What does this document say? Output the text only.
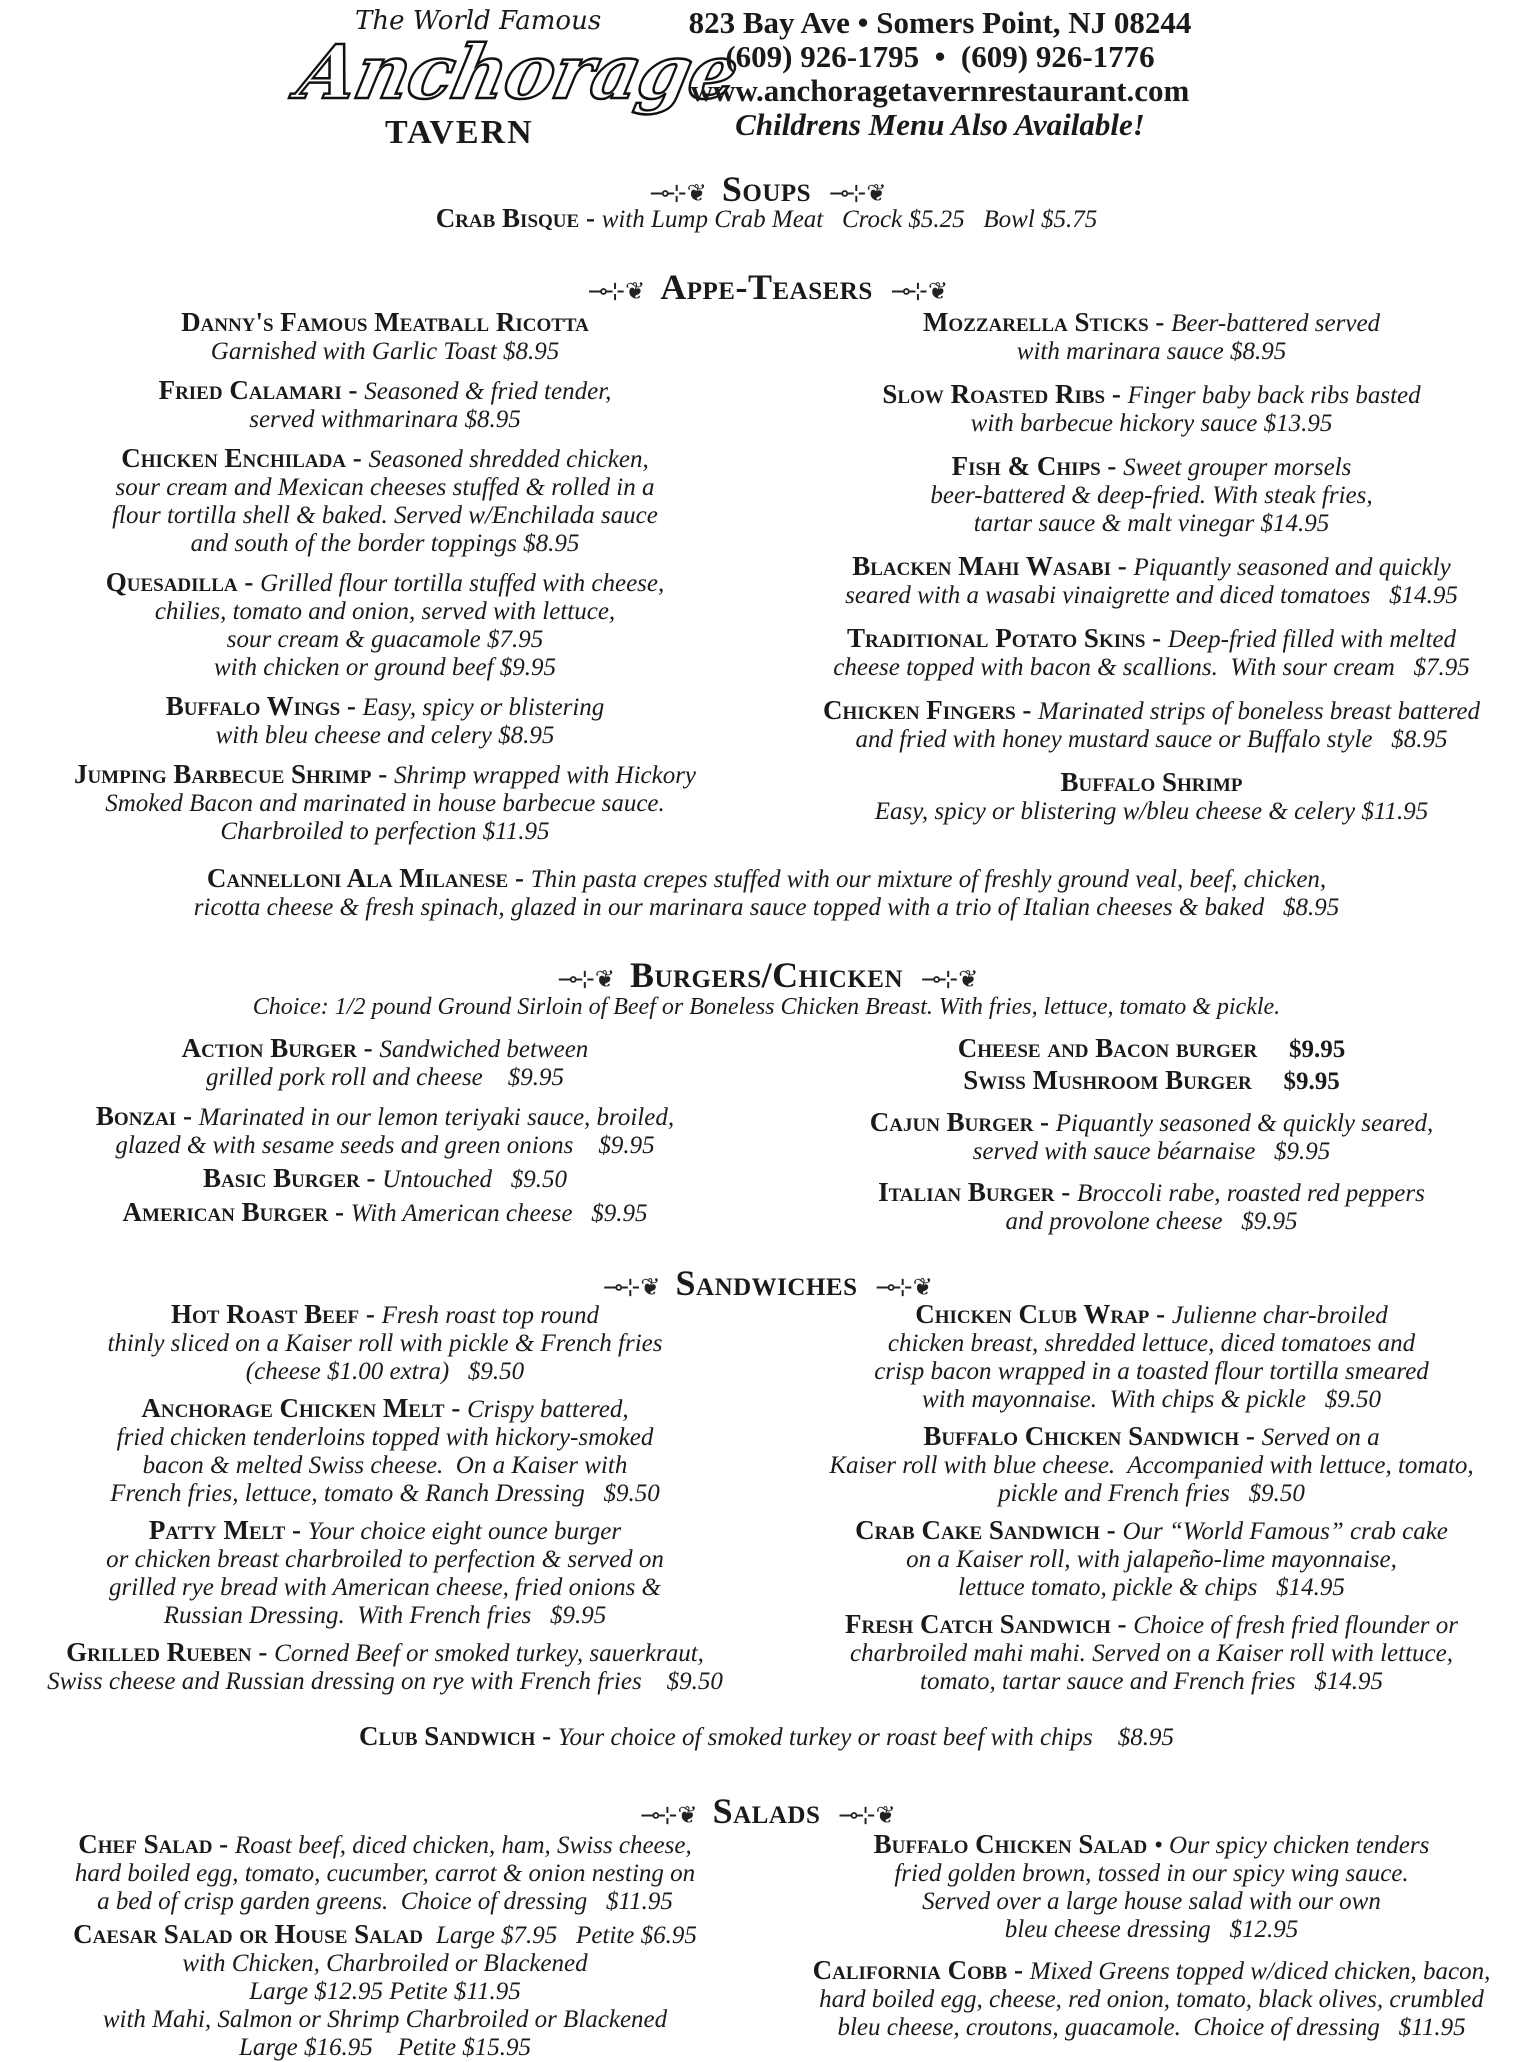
The World Famous
Anchorage
TAVERN
823 Bay Ave • Somers Point, NJ 08244
(609) 926-1795  •  (609) 926-1776
www.anchoragetavernrestaurant.com
Childrens Menu Also Available!
⊸⊹ ❦ Soups ⊸⊹ ❦
Crab Bisque - with Lump Crab Meat   Crock $5.25   Bowl $5.75
⊸⊹ ❦ Appe-Teasers ⊸⊹ ❦
Danny's Famous Meatball Ricotta
Garnished with Garlic Toast $8.95
Fried Calamari - Seasoned & fried tender,
served withmarinara $8.95
Chicken Enchilada - Seasoned shredded chicken,
sour cream and Mexican cheeses stuffed & rolled in a
flour tortilla shell & baked. Served w/Enchilada sauce
and south of the border toppings $8.95
Quesadilla - Grilled flour tortilla stuffed with cheese,
chilies, tomato and onion, served with lettuce,
sour cream & guacamole $7.95
with chicken or ground beef $9.95
Buffalo Wings - Easy, spicy or blistering
with bleu cheese and celery $8.95
Jumping Barbecue Shrimp - Shrimp wrapped with Hickory
Smoked Bacon and marinated in house barbecue sauce.
Charbroiled to perfection $11.95
Mozzarella Sticks - Beer-battered served
with marinara sauce $8.95
Slow Roasted Ribs - Finger baby back ribs basted
with barbecue hickory sauce $13.95
Fish & Chips - Sweet grouper morsels
beer-battered & deep-fried. With steak fries,
tartar sauce & malt vinegar $14.95
Blacken Mahi Wasabi - Piquantly seasoned and quickly
seared with a wasabi vinaigrette and diced tomatoes   $14.95
Traditional Potato Skins - Deep-fried filled with melted
cheese topped with bacon & scallions.  With sour cream   $7.95
Chicken Fingers - Marinated strips of boneless breast battered
and fried with honey mustard sauce or Buffalo style   $8.95
Buffalo Shrimp
Easy, spicy or blistering w/bleu cheese & celery $11.95
Cannelloni Ala Milanese - Thin pasta crepes stuffed with our mixture of freshly ground veal, beef, chicken,
ricotta cheese & fresh spinach, glazed in our marinara sauce topped with a trio of Italian cheeses & baked   $8.95
⊸⊹ ❦ Burgers/Chicken ⊸⊹ ❦
Choice: 1/2 pound Ground Sirloin of Beef or Boneless Chicken Breast. With fries, lettuce, tomato & pickle.
Action Burger - Sandwiched between
grilled pork roll and cheese    $9.95
Bonzai - Marinated in our lemon teriyaki sauce, broiled,
glazed & with sesame seeds and green onions    $9.95
Basic Burger - Untouched   $9.50
American Burger - With American cheese   $9.95
Cheese and Bacon burger     $9.95
Swiss Mushroom Burger     $9.95
Cajun Burger - Piquantly seasoned & quickly seared,
served with sauce béarnaise   $9.95
Italian Burger - Broccoli rabe, roasted red peppers
and provolone cheese   $9.95
⊸⊹ ❦ Sandwiches ⊸⊹ ❦
Hot Roast Beef - Fresh roast top round
thinly sliced on a Kaiser roll with pickle & French fries
(cheese $1.00 extra)   $9.50
Anchorage Chicken Melt - Crispy battered,
fried chicken tenderloins topped with hickory-smoked
bacon & melted Swiss cheese.  On a Kaiser with
French fries, lettuce, tomato & Ranch Dressing   $9.50
Patty Melt - Your choice eight ounce burger
or chicken breast charbroiled to perfection & served on
grilled rye bread with American cheese, fried onions &
Russian Dressing.  With French fries   $9.95
Grilled Rueben - Corned Beef or smoked turkey, sauerkraut,
Swiss cheese and Russian dressing on rye with French fries    $9.50
Chicken Club Wrap - Julienne char-broiled
chicken breast, shredded lettuce, diced tomatoes and
crisp bacon wrapped in a toasted flour tortilla smeared
with mayonnaise.  With chips & pickle   $9.50
Buffalo Chicken Sandwich - Served on a
Kaiser roll with blue cheese.  Accompanied with lettuce, tomato,
pickle and French fries   $9.50
Crab Cake Sandwich - Our “World Famous” crab cake
on a Kaiser roll, with jalapeño-lime mayonnaise,
lettuce tomato, pickle & chips   $14.95
Fresh Catch Sandwich - Choice of fresh fried flounder or
charbroiled mahi mahi. Served on a Kaiser roll with lettuce,
tomato, tartar sauce and French fries   $14.95
Club Sandwich - Your choice of smoked turkey or roast beef with chips    $8.95
⊸⊹ ❦ Salads ⊸⊹ ❦
Chef Salad - Roast beef, diced chicken, ham, Swiss cheese,
hard boiled egg, tomato, cucumber, carrot & onion nesting on
a bed of crisp garden greens.  Choice of dressing   $11.95
Caesar Salad or House Salad  Large $7.95   Petite $6.95
with Chicken, Charbroiled or Blackened
Large $12.95 Petite $11.95
with Mahi, Salmon or Shrimp Charbroiled or Blackened
Large $16.95    Petite $15.95
Buffalo Chicken Salad • Our spicy chicken tenders
fried golden brown, tossed in our spicy wing sauce.
Served over a large house salad with our own
bleu cheese dressing   $12.95
California Cobb - Mixed Greens topped w/diced chicken, bacon,
hard boiled egg, cheese, red onion, tomato, black olives, crumbled
bleu cheese, croutons, guacamole.  Choice of dressing   $11.95
